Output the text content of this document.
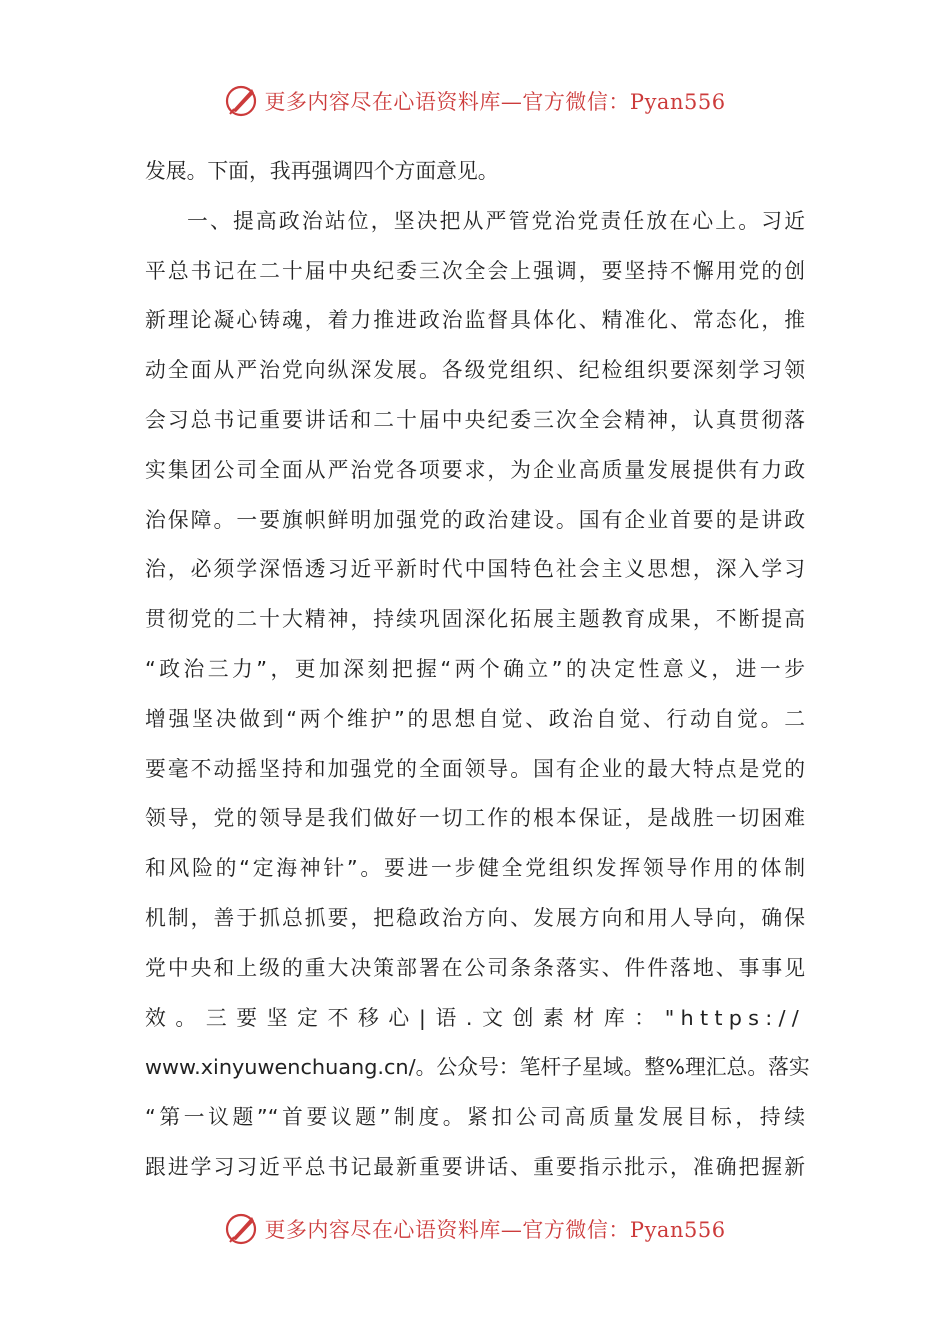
更多内容尽在心语资料库—官方微信：Pyan556
发展。下面，我再强调四个方面意见。
一、提高政治站位，坚决把从严管党治党责任放在心上。习近
平总书记在二十届中央纪委三次全会上强调，要坚持不懈用党的创
新理论凝心铸魂，着力推进政治监督具体化、精准化、常态化，推
动全面从严治党向纵深发展。各级党组织、纪检组织要深刻学习领
会习总书记重要讲话和二十届中央纪委三次全会精神，认真贯彻落
实集团公司全面从严治党各项要求，为企业高质量发展提供有力政
治保障。一要旗帜鲜明加强党的政治建设。国有企业首要的是讲政
治，必须学深悟透习近平新时代中国特色社会主义思想，深入学习
贯彻党的二十大精神，持续巩固深化拓展主题教育成果，不断提高
“政治三力”，更加深刻把握“两个确立”的决定性意义，进一步
增强坚决做到“两个维护”的思想自觉、政治自觉、行动自觉。二
要毫不动摇坚持和加强党的全面领导。国有企业的最大特点是党的
领导，党的领导是我们做好一切工作的根本保证，是战胜一切困难
和风险的“定海神针”。要进一步健全党组织发挥领导作用的体制
机制，善于抓总抓要，把稳政治方向、发展方向和用人导向，确保
党中央和上级的重大决策部署在公司条条落实、件件落地、事事见
效。三要坚定不移心|语.文创素材库："https://
www.xinyuwenchuang.cn/。公众号：笔杆子星域。整%理汇总。落实
“第一议题”“首要议题”制度。紧扣公司高质量发展目标，持续
跟进学习习近平总书记最新重要讲话、重要指示批示，准确把握新
更多内容尽在心语资料库—官方微信：Pyan556
